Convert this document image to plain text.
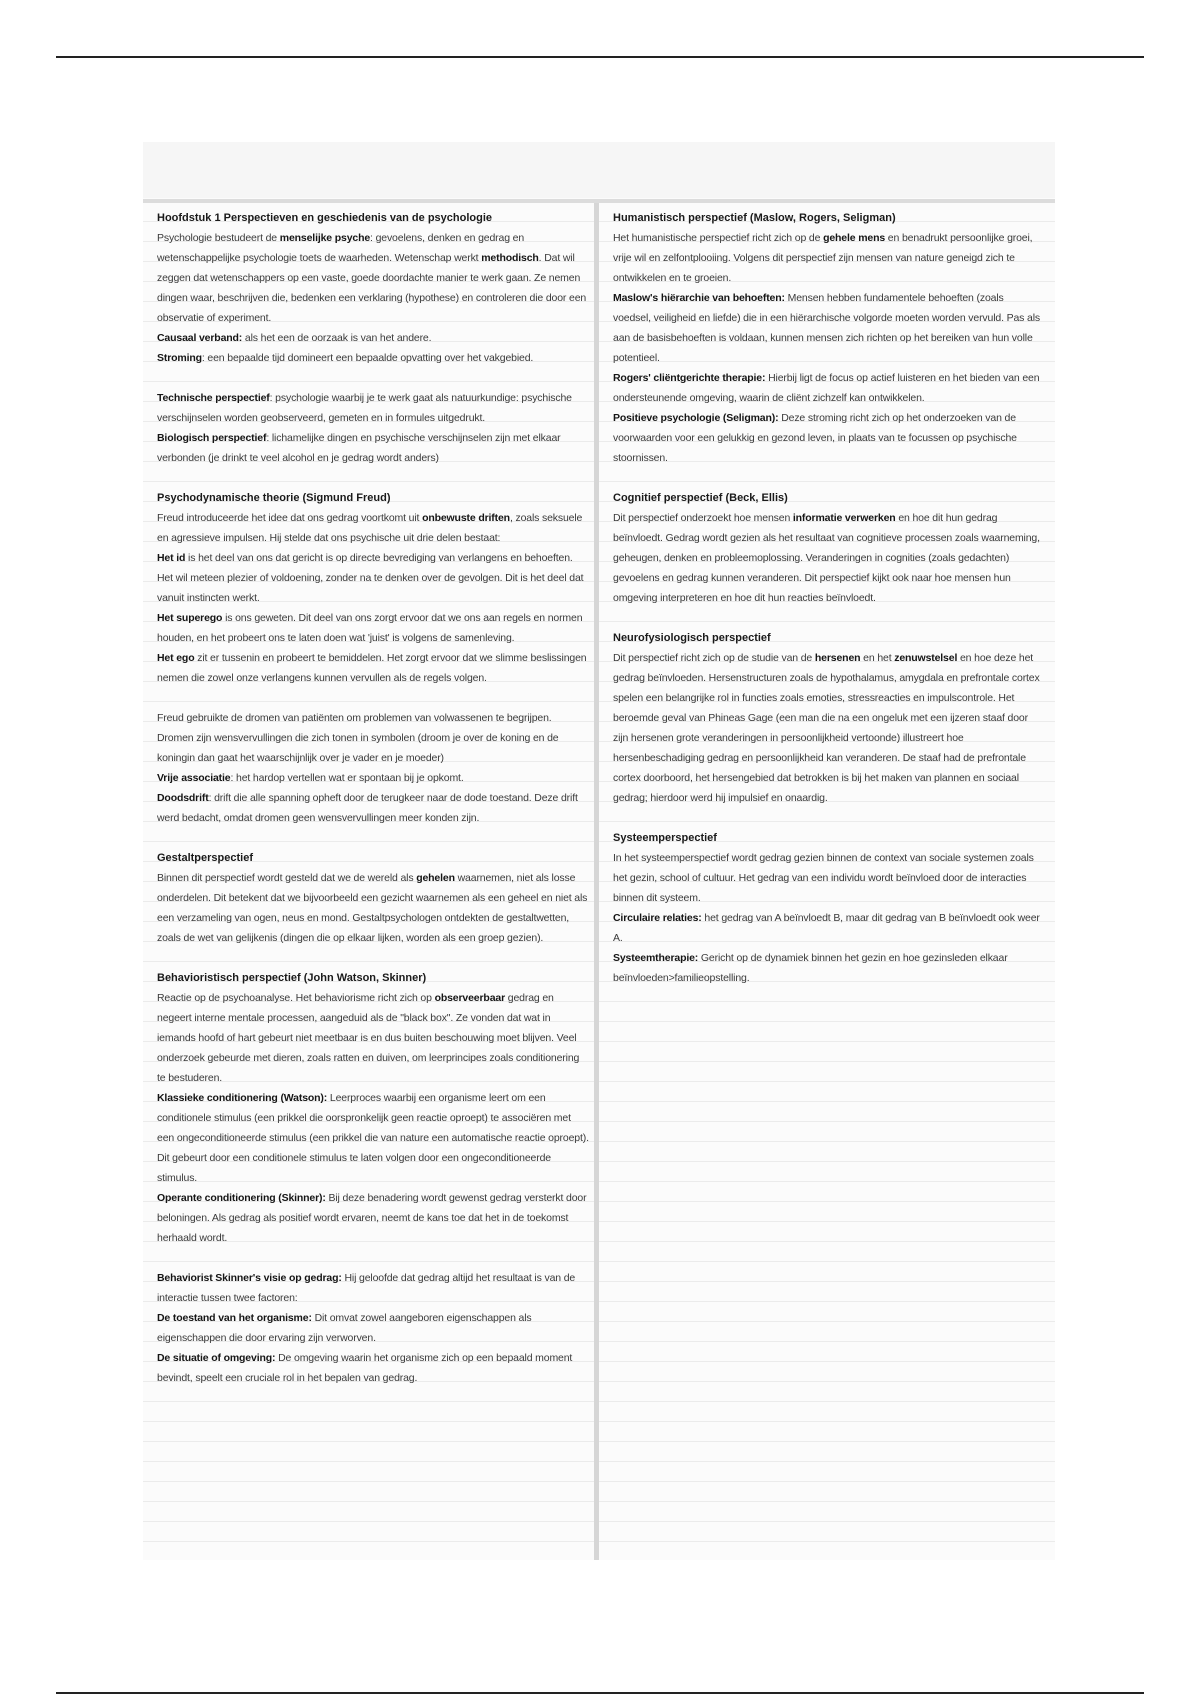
Hoofdstuk 1 Perspectieven en geschiedenis van de psychologie

Psychologie bestudeert de menselijke psyche: gevoelens, denken en gedrag en wetenschappelijke psychologie toets de waarheden. Wetenschap werkt methodisch. Dat wil zeggen dat wetenschappers op een vaste, goede doordachte manier te werk gaan. Ze nemen dingen waar, beschrijven die, bedenken een verklaring (hypothese) en controleren die door een observatie of experiment.

Causaal verband: als het een de oorzaak is van het andere.

Stroming: een bepaalde tijd domineert een bepaalde opvatting over het vakgebied.

Technische perspectief: psychologie waarbij je te werk gaat als natuurkundige: psychische verschijnselen worden geobserveerd, gemeten en in formules uitgedrukt.

Biologisch perspectief: lichamelijke dingen en psychische verschijnselen zijn met elkaar verbonden (je drinkt te veel alcohol en je gedrag wordt anders)

Psychodynamische theorie (Sigmund Freud)

Freud introduceerde het idee dat ons gedrag voortkomt uit onbewuste driften, zoals seksuele en agressieve impulsen. Hij stelde dat ons psychische uit drie delen bestaat:

Het id is het deel van ons dat gericht is op directe bevrediging van verlangens en behoeften. Het wil meteen plezier of voldoening, zonder na te denken over de gevolgen. Dit is het deel dat vanuit instincten werkt.

Het superego is ons geweten. Dit deel van ons zorgt ervoor dat we ons aan regels en normen houden, en het probeert ons te laten doen wat 'juist' is volgens de samenleving.

Het ego zit er tussenin en probeert te bemiddelen. Het zorgt ervoor dat we slimme beslissingen nemen die zowel onze verlangens kunnen vervullen als de regels volgen.

Freud gebruikte de dromen van patiënten om problemen van volwassenen te begrijpen. Dromen zijn wensvervullingen die zich tonen in symbolen (droom je over de koning en de koningin dan gaat het waarschijnlijk over je vader en je moeder)

Vrije associatie: het hardop vertellen wat er spontaan bij je opkomt.

Doodsdrift: drift die alle spanning opheft door de terugkeer naar de dode toestand. Deze drift werd bedacht, omdat dromen geen wensvervullingen meer konden zijn.

Gestaltperspectief

Binnen dit perspectief wordt gesteld dat we de wereld als gehelen waarnemen, niet als losse onderdelen. Dit betekent dat we bijvoorbeeld een gezicht waarnemen als een geheel en niet als een verzameling van ogen, neus en mond. Gestaltpsychologen ontdekten de gestaltwetten, zoals de wet van gelijkenis (dingen die op elkaar lijken, worden als een groep gezien).

Behavioristisch perspectief (John Watson, Skinner)

Reactie op de psychoanalyse. Het behaviorisme richt zich op observeerbaar gedrag en negeert interne mentale processen, aangeduid als de "black box". Ze vonden dat wat in iemands hoofd of hart gebeurt niet meetbaar is en dus buiten beschouwing moet blijven. Veel onderzoek gebeurde met dieren, zoals ratten en duiven, om leerprincipes zoals conditionering te bestuderen.

Klassieke conditionering (Watson): Leerproces waarbij een organisme leert om een conditionele stimulus (een prikkel die oorspronkelijk geen reactie oproept) te associëren met een ongeconditioneerde stimulus (een prikkel die van nature een automatische reactie oproept). Dit gebeurt door een conditionele stimulus te laten volgen door een ongeconditioneerde stimulus.

Operante conditionering (Skinner): Bij deze benadering wordt gewenst gedrag versterkt door beloningen. Als gedrag als positief wordt ervaren, neemt de kans toe dat het in de toekomst herhaald wordt.

Behaviorist Skinner's visie op gedrag: Hij geloofde dat gedrag altijd het resultaat is van de interactie tussen twee factoren:

De toestand van het organisme: Dit omvat zowel aangeboren eigenschappen als eigenschappen die door ervaring zijn verworven.

De situatie of omgeving: De omgeving waarin het organisme zich op een bepaald moment bevindt, speelt een cruciale rol in het bepalen van gedrag.

Humanistisch perspectief (Maslow, Rogers, Seligman)

Het humanistische perspectief richt zich op de gehele mens en benadrukt persoonlijke groei, vrije wil en zelfontplooiing. Volgens dit perspectief zijn mensen van nature geneigd zich te ontwikkelen en te groeien.

Maslow's hiërarchie van behoeften: Mensen hebben fundamentele behoeften (zoals voedsel, veiligheid en liefde) die in een hiërarchische volgorde moeten worden vervuld. Pas als aan de basisbehoeften is voldaan, kunnen mensen zich richten op het bereiken van hun volle potentieel.

Rogers' cliëntgerichte therapie: Hierbij ligt de focus op actief luisteren en het bieden van een ondersteunende omgeving, waarin de cliënt zichzelf kan ontwikkelen.

Positieve psychologie (Seligman): Deze stroming richt zich op het onderzoeken van de voorwaarden voor een gelukkig en gezond leven, in plaats van te focussen op psychische stoornissen.

Cognitief perspectief (Beck, Ellis)

Dit perspectief onderzoekt hoe mensen informatie verwerken en hoe dit hun gedrag beïnvloedt. Gedrag wordt gezien als het resultaat van cognitieve processen zoals waarneming, geheugen, denken en probleemoplossing. Veranderingen in cognities (zoals gedachten) gevoelens en gedrag kunnen veranderen. Dit perspectief kijkt ook naar hoe mensen hun omgeving interpreteren en hoe dit hun reacties beïnvloedt.

Neurofysiologisch perspectief

Dit perspectief richt zich op de studie van de hersenen en het zenuwstelsel en hoe deze het gedrag beïnvloeden. Hersenstructuren zoals de hypothalamus, amygdala en prefrontale cortex spelen een belangrijke rol in functies zoals emoties, stressreacties en impulscontrole. Het beroemde geval van Phineas Gage (een man die na een ongeluk met een ijzeren staaf door zijn hersenen grote veranderingen in persoonlijkheid vertoonde) illustreert hoe hersenbeschadiging gedrag en persoonlijkheid kan veranderen. De staaf had de prefrontale cortex doorboord, het hersengebied dat betrokken is bij het maken van plannen en sociaal gedrag; hierdoor werd hij impulsief en onaardig.

Systeemperspectief

In het systeemperspectief wordt gedrag gezien binnen de context van sociale systemen zoals het gezin, school of cultuur. Het gedrag van een individu wordt beïnvloed door de interacties binnen dit systeem.

Circulaire relaties: het gedrag van A beïnvloedt B, maar dit gedrag van B beïnvloedt ook weer A.

Systeemtherapie: Gericht op de dynamiek binnen het gezin en hoe gezinsleden elkaar beïnvloeden>familieopstelling.
